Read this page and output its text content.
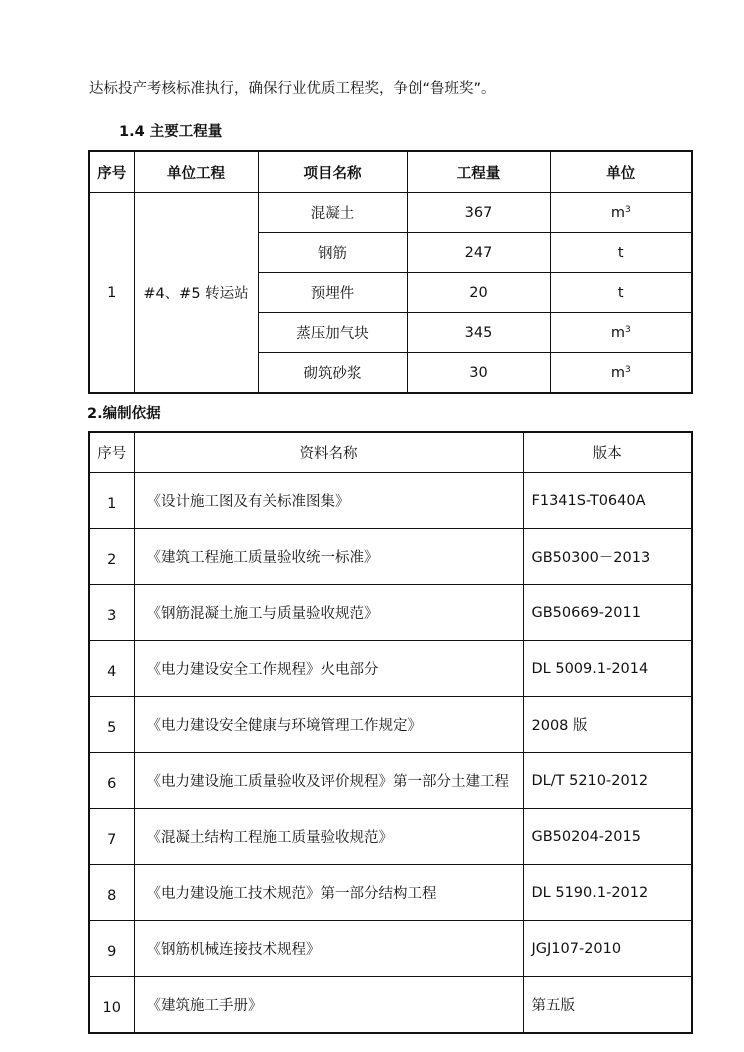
达标投产考核标准执行，确保行业优质工程奖，争创“鲁班奖”。
1.4 主要工程量
序号	单位工程	项目名称	工程量	单位
1	#4、#5 转运站	混凝土	367	$m^3$
		钢筋	247	t
		预埋件	20	t
		蒸压加气块	345	$m^3$
		砌筑砂浆	30	$m^3$
2.编制依据
序号	资料名称	版本
1	《设计施工图及有关标准图集》	F1341S-T0640A
2	《建筑工程施工质量验收统一标准》	GB50300－2013
3	《钢筋混凝土施工与质量验收规范》	GB50669-2011
4	《电力建设安全工作规程》火电部分	DL 5009.1-2014
5	《电力建设安全健康与环境管理工作规定》	2008 版
6	《电力建设施工质量验收及评价规程》第一部分土建工程	DL/T 5210-2012
7	《混凝土结构工程施工质量验收规范》	GB50204-2015
8	《电力建设施工技术规范》第一部分结构工程	DL 5190.1-2012
9	《钢筋机械连接技术规程》	JGJ107-2010
10	《建筑施工手册》	第五版
